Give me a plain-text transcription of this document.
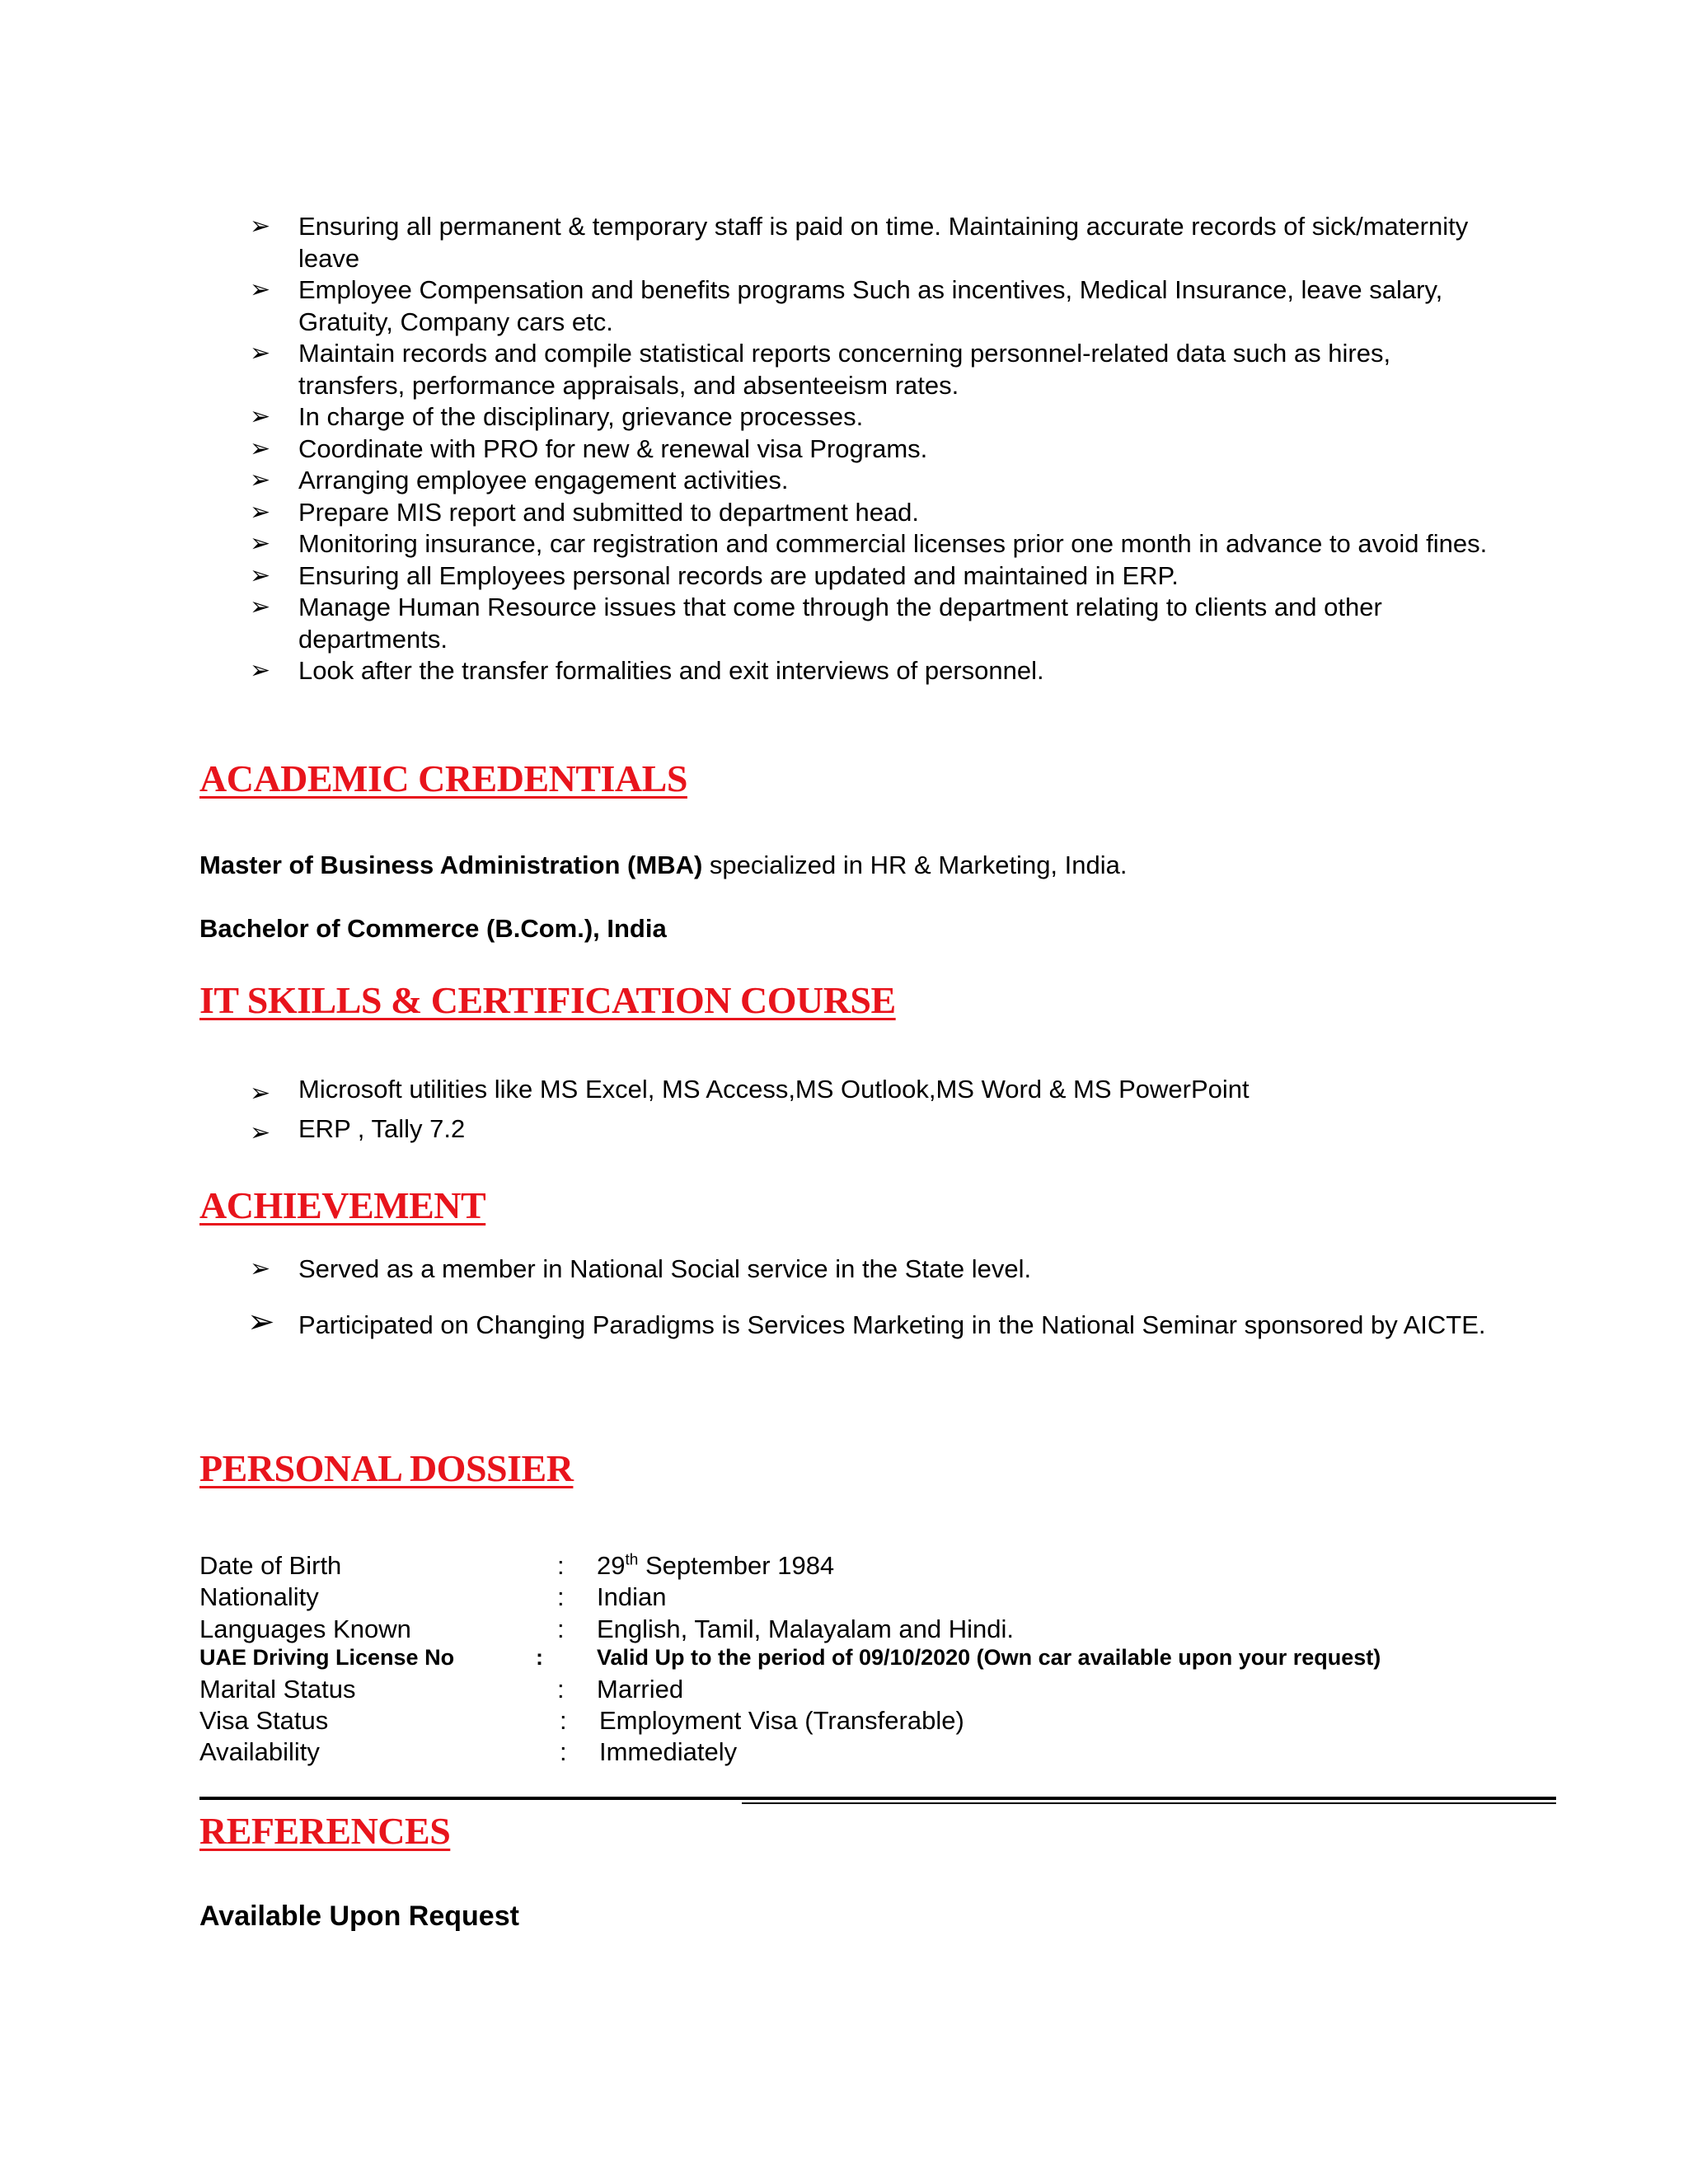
➢ Ensuring all permanent & temporary staff is paid on time. Maintaining accurate records of sick/maternity leave
➢ Employee Compensation and benefits programs Such as incentives, Medical Insurance, leave salary, Gratuity, Company cars etc.
➢ Maintain records and compile statistical reports concerning personnel-related data such as hires, transfers, performance appraisals, and absenteeism rates.
➢ In charge of the disciplinary, grievance processes.
➢ Coordinate with PRO for new & renewal visa Programs.
➢ Arranging employee engagement activities.
➢ Prepare MIS report and submitted to department head.
➢ Monitoring insurance, car registration and commercial licenses prior one month in advance to avoid fines.
➢ Ensuring all Employees personal records are updated and maintained in ERP.
➢ Manage Human Resource issues that come through the department relating to clients and other departments.
➢ Look after the transfer formalities and exit interviews of personnel.
ACADEMIC CREDENTIALS

Master of Business Administration (MBA) specialized in HR & Marketing, India.

Bachelor of Commerce (B.Com.), India

IT SKILLS & CERTIFICATION COURSE
➢ Microsoft utilities like MS Excel, MS Access,MS Outlook,MS Word & MS PowerPoint
➢ ERP , Tally 7.2
ACHIEVEMENT
➢ Served as a member in National Social service in the State level.
➢ Participated on Changing Paradigms is Services Marketing in the National Seminar sponsored by AICTE.
PERSONAL DOSSIER
Date of Birth	: 29th September 1984
Nationality	: Indian
Languages Known	: English, Tamil, Malayalam and Hindi.
UAE Driving License No	: Valid Up to the period of 09/10/2020 (Own car available upon your request)
Marital Status	: Married
Visa Status	: Employment Visa (Transferable)
Availability	: Immediately
REFERENCES

Available Upon Request
